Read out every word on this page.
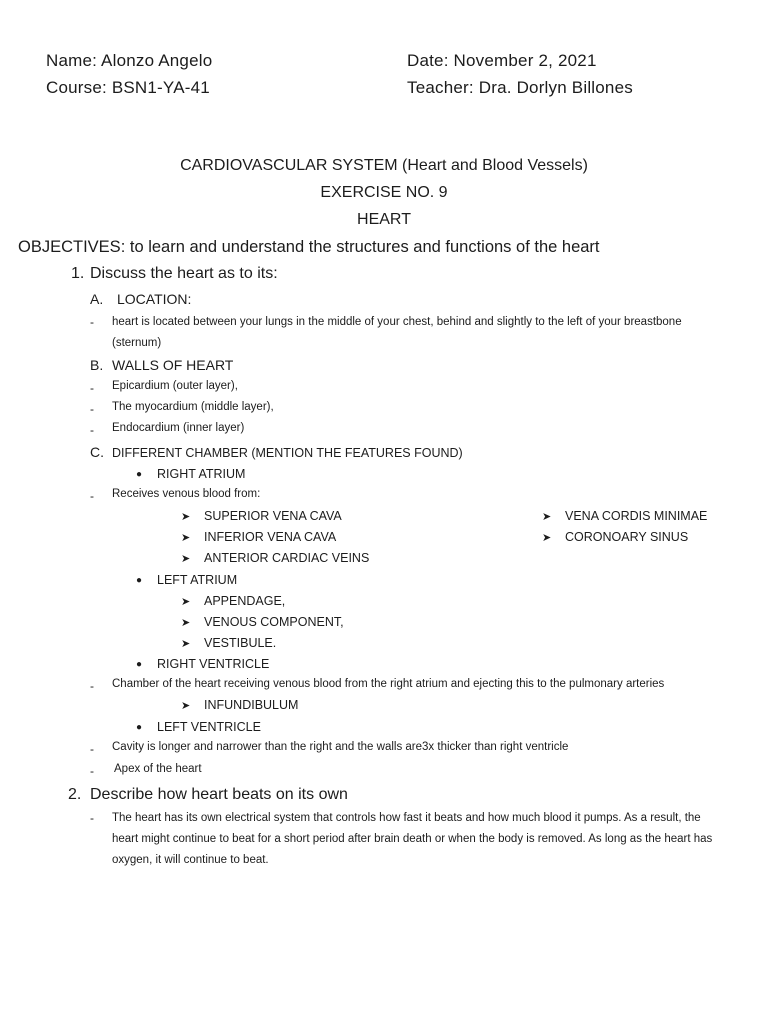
Name: Alonzo Angelo
Course: BSN1-YA-41
Date: November 2, 2021
Teacher: Dra. Dorlyn Billones
CARDIOVASCULAR SYSTEM (Heart and Blood Vessels)
EXERCISE NO. 9
HEART
OBJECTIVES: to learn and understand the structures and functions of the heart
1. Discuss the heart as to its:
A. LOCATION:
- heart is located between your lungs in the middle of your chest, behind and slightly to the left of your breastbone (sternum)
B. WALLS OF HEART
- Epicardium (outer layer),
- The myocardium (middle layer),
- Endocardium (inner layer)
C. DIFFERENT CHAMBER (MENTION THE FEATURES FOUND)
● RIGHT ATRIUM
- Receives venous blood from:
➤ SUPERIOR VENA CAVA
➤ INFERIOR VENA CAVA
➤ ANTERIOR CARDIAC VEINS
➤ VENA CORDIS MINIMAE
➤ CORONOARY SINUS
● LEFT ATRIUM
➤ APPENDAGE,
➤ VENOUS COMPONENT,
➤ VESTIBULE.
● RIGHT VENTRICLE
- Chamber of the heart receiving venous blood from the right atrium and ejecting this to the pulmonary arteries
➤ INFUNDIBULUM
● LEFT VENTRICLE
- Cavity is longer and narrower than the right and the walls are3x thicker than right ventricle
- Apex of the heart
2. Describe how heart beats on its own
- The heart has its own electrical system that controls how fast it beats and how much blood it pumps. As a result, the heart might continue to beat for a short period after brain death or when the body is removed. As long as the heart has oxygen, it will continue to beat.
